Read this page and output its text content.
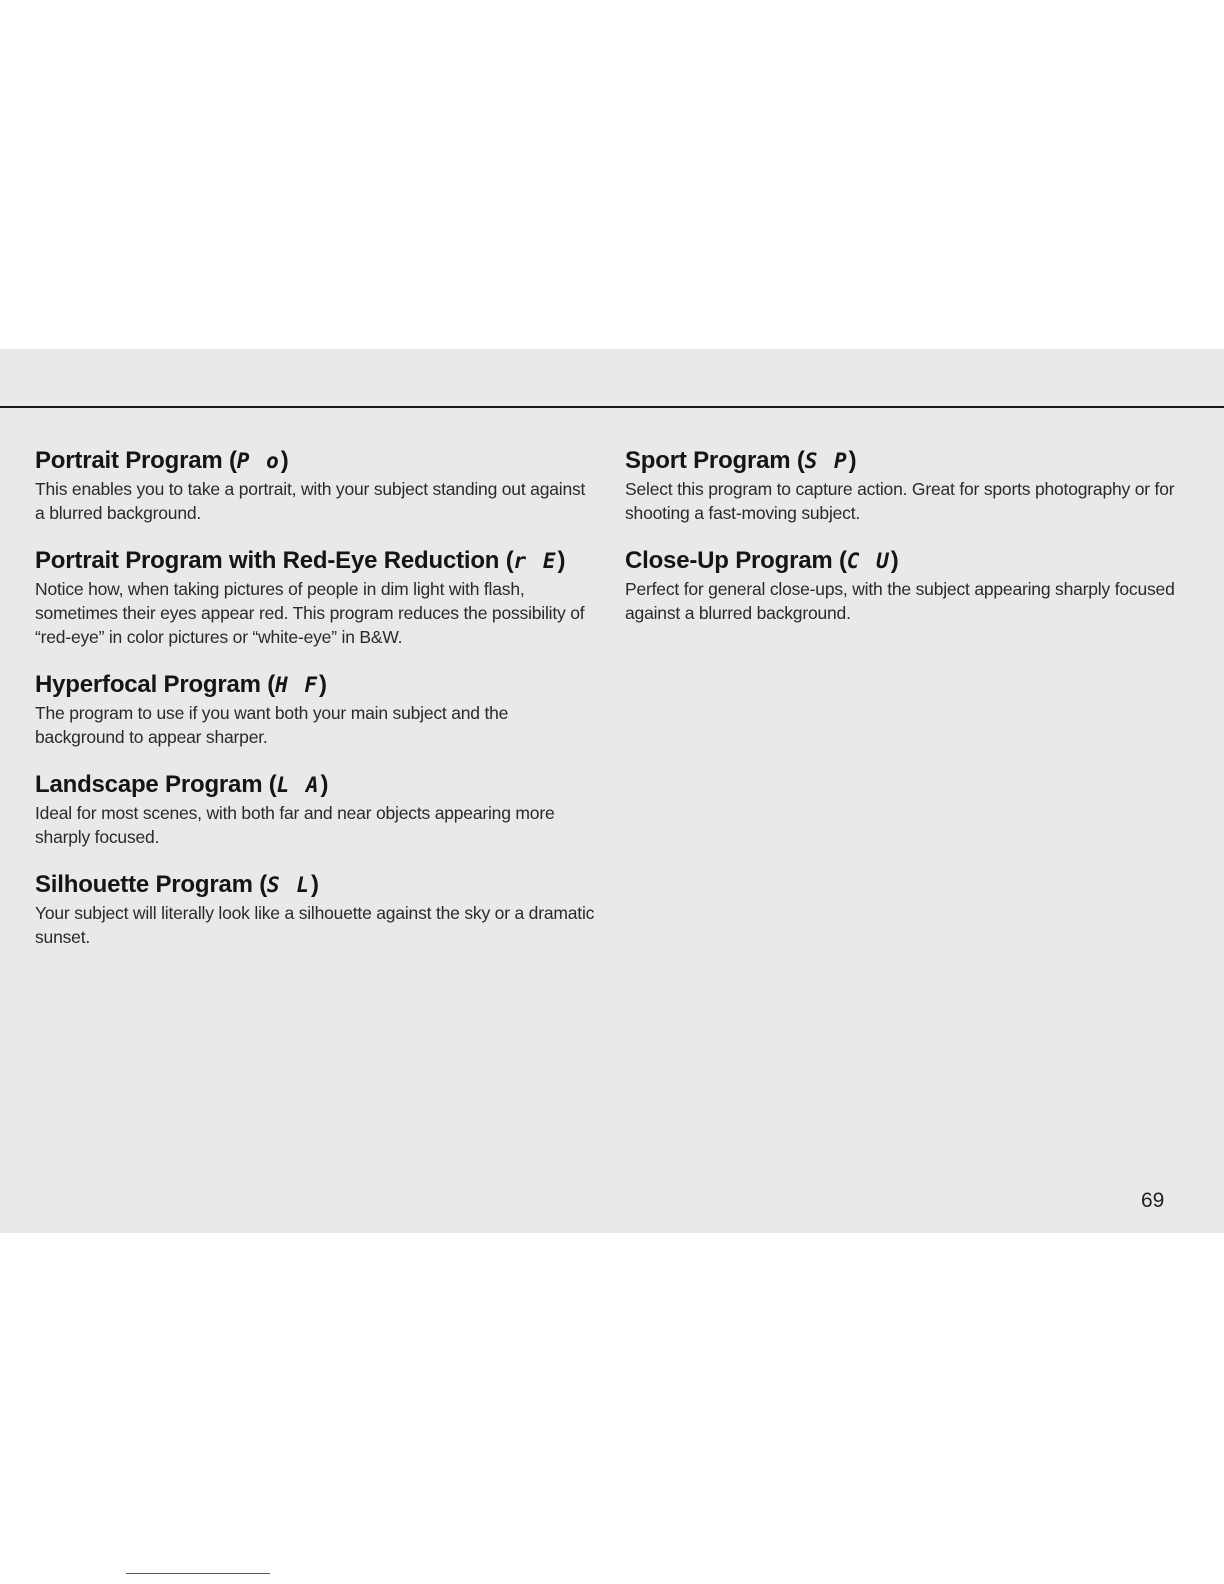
Portrait Program (P o)

This enables you to take a portrait, with your subject standing out against a blurred background.

Portrait Program with Red-Eye Reduction (r E)

Notice how, when taking pictures of people in dim light with flash, sometimes their eyes appear red. This program reduces the possibility of “red-eye” in color pictures or “white-eye” in B&W.

Hyperfocal Program (H F)

The program to use if you want both your main subject and the background to appear sharper.

Landscape Program (L A)

Ideal for most scenes, with both far and near objects appearing more sharply focused.

Silhouette Program (S L)

Your subject will literally look like a silhouette against the sky or a dramatic sunset.

Sport Program (S P)

Select this program to capture action. Great for sports photography or for shooting a fast-moving subject.

Close-Up Program (C U)

Perfect for general close-ups, with the subject appearing sharply focused against a blurred background.

69
